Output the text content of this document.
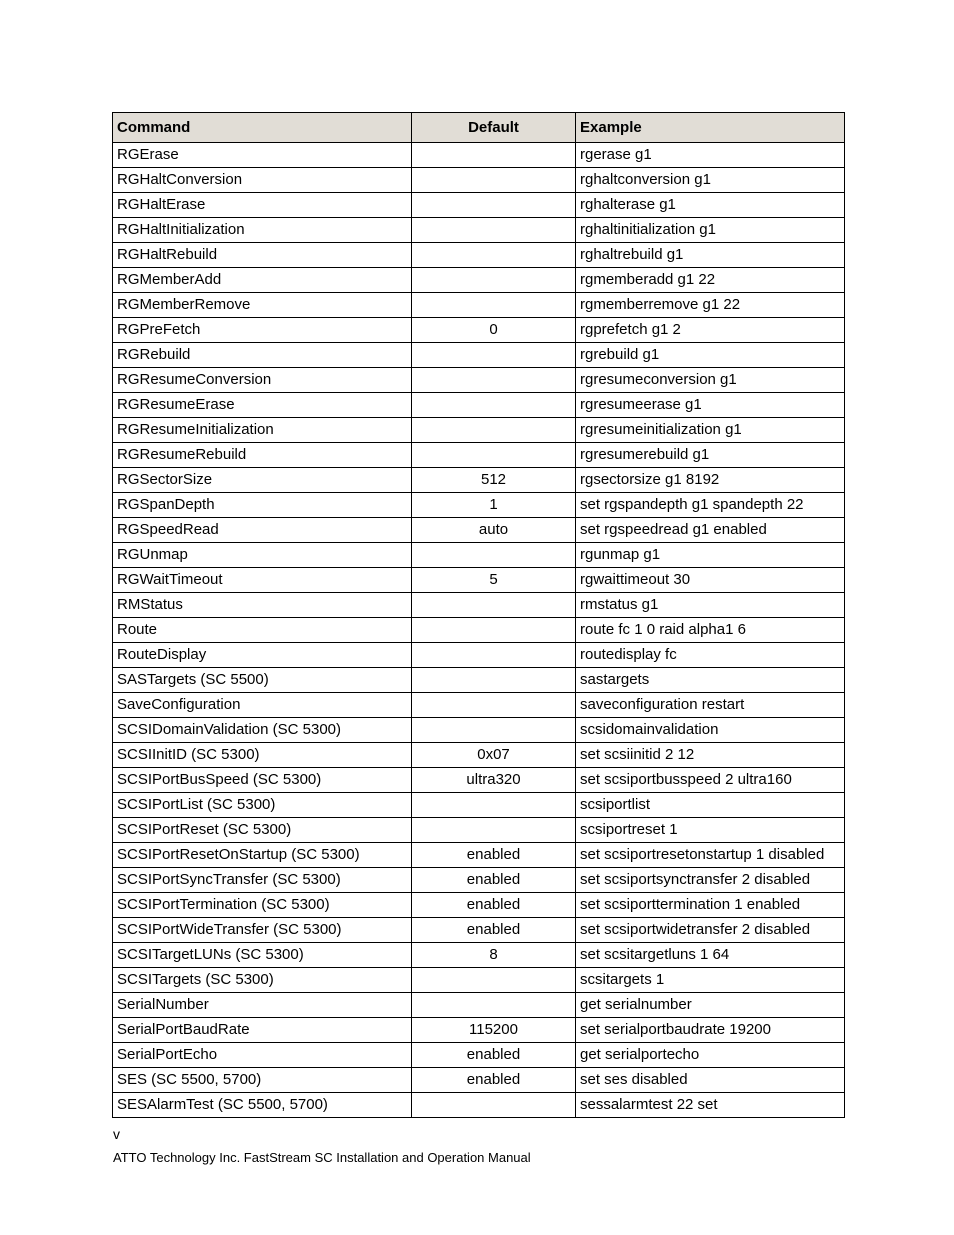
Command	Default	Example
RGErase		rgerase g1
RGHaltConversion		rghaltconversion g1
RGHaltErase		rghalterase g1
RGHaltInitialization		rghaltinitialization g1
RGHaltRebuild		rghaltrebuild g1
RGMemberAdd		rgmemberadd g1 22
RGMemberRemove		rgmemberremove g1 22
RGPreFetch	0	rgprefetch g1 2
RGRebuild		rgrebuild g1
RGResumeConversion		rgresumeconversion g1
RGResumeErase		rgresumeerase g1
RGResumeInitialization		rgresumeinitialization g1
RGResumeRebuild		rgresumerebuild g1
RGSectorSize	512	rgsectorsize g1 8192
RGSpanDepth	1	set rgspandepth g1 spandepth 22
RGSpeedRead	auto	set rgspeedread g1 enabled
RGUnmap		rgunmap g1
RGWaitTimeout	5	rgwaittimeout 30
RMStatus		rmstatus g1
Route		route fc 1 0 raid alpha1 6
RouteDisplay		routedisplay fc
SASTargets (SC 5500)		sastargets
SaveConfiguration		saveconfiguration restart
SCSIDomainValidation (SC 5300)		scsidomainvalidation
SCSIInitID (SC 5300)	0x07	set scsiinitid 2 12
SCSIPortBusSpeed (SC 5300)	ultra320	set scsiportbusspeed 2 ultra160
SCSIPortList (SC 5300)		scsiportlist
SCSIPortReset (SC 5300)		scsiportreset 1
SCSIPortResetOnStartup (SC 5300)	enabled	set scsiportresetonstartup 1 disabled
SCSIPortSyncTransfer (SC 5300)	enabled	set scsiportsynctransfer 2 disabled
SCSIPortTermination (SC 5300)	enabled	set scsiporttermination 1 enabled
SCSIPortWideTransfer (SC 5300)	enabled	set scsiportwidetransfer 2 disabled
SCSITargetLUNs (SC 5300)	8	set scsitargetluns 1 64
SCSITargets (SC 5300)		scsitargets 1
SerialNumber		get serialnumber
SerialPortBaudRate	115200	set serialportbaudrate 19200
SerialPortEcho	enabled	get serialportecho
SES (SC 5500, 5700)	enabled	set ses disabled
SESAlarmTest (SC 5500, 5700)		sessalarmtest 22 set
v
ATTO Technology Inc. FastStream SC Installation and Operation Manual
